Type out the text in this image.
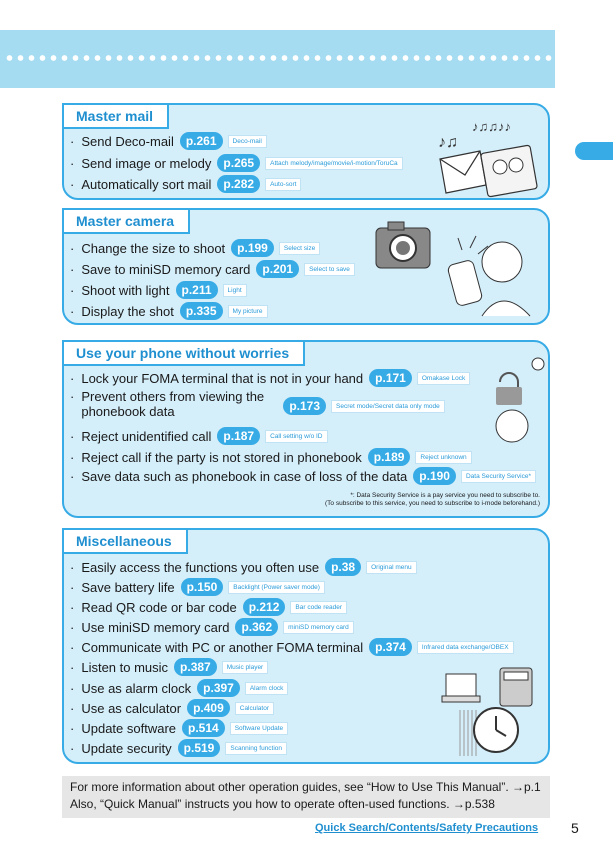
Master mail
· Send Deco-mail	p.261	Deco-mail
· Send image or melody	p.265	Attach melody/image/movie/i-motion/ToruCa
· Automatically sort mail	p.282	Auto-sort
♪♫
♪♫♫♪♪
Master camera
· Change the size to shoot	p.199	Select size
· Save to miniSD memory card	p.201	Select to save
· Shoot with light	p.211	Light
· Display the shot	p.335	My picture
Use your phone without worries
· Lock your FOMA terminal that is not in your hand	p.171	Omakase Lock
· Prevent others from viewing the
phonebook data	p.173	Secret mode/Secret data only mode
· Reject unidentified call	p.187	Call setting w/o ID
· Reject call if the party is not stored in phonebook	p.189	Reject unknown
· Save data such as phonebook in case of loss of the data	p.190	Data Security Service*
*: Data Security Service is a pay service you need to subscribe to.
(To subscribe to this service, you need to subscribe to i-mode beforehand.)
Miscellaneous
· Easily access the functions you often use	p.38	Original menu
· Save battery life	p.150	Backlight (Power saver mode)
· Read QR code or bar code	p.212	Bar code reader
· Use miniSD memory card	p.362	miniSD memory card
· Communicate with PC or another FOMA terminal	p.374	Infrared data exchange/OBEX
· Listen to music	p.387	Music player
· Use as alarm clock	p.397	Alarm clock
· Use as calculator	p.409	Calculator
· Update software	p.514	Software Update
· Update security	p.519	Scanning function
For more information about other operation guides, see “How to Use This Manual”. →p.1
Also, “Quick Manual” instructs you how to operate often-used functions. →p.538
Quick Search/Contents/Safety Precautions 5
